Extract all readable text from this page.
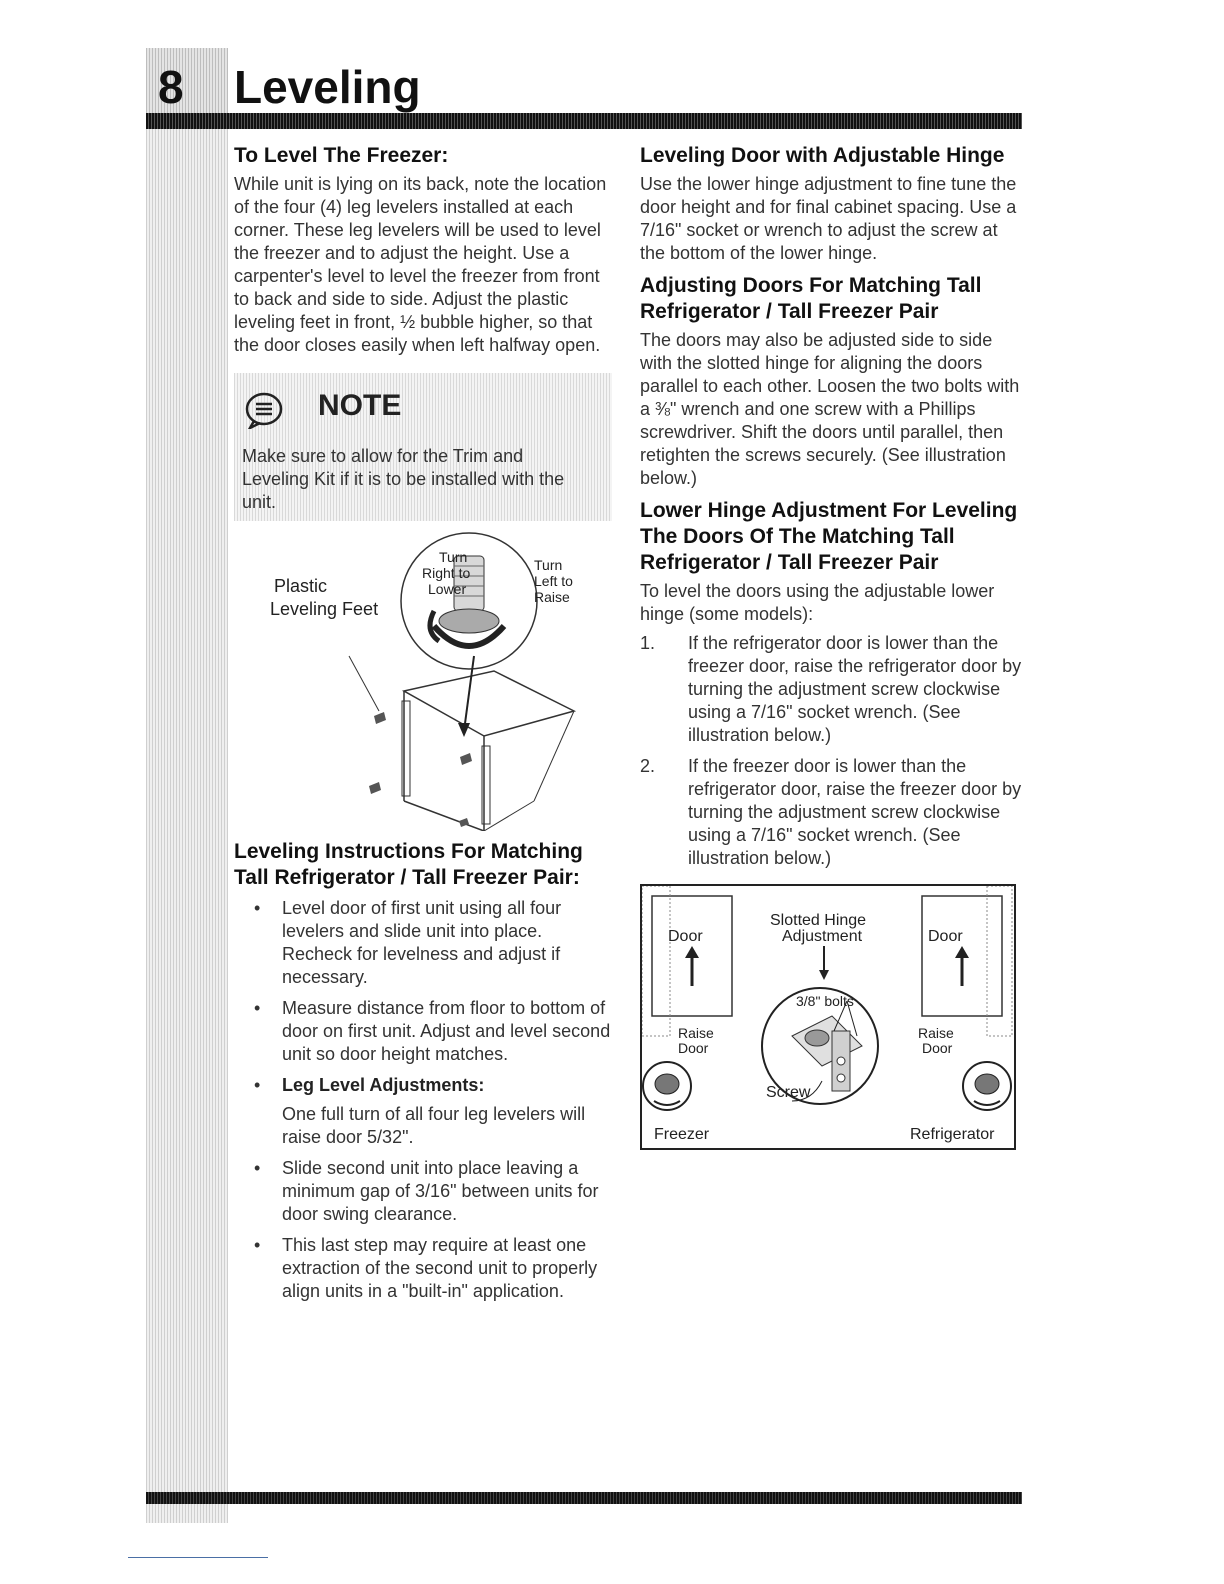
8 Leveling
To Level The Freezer:

While unit is lying on its back, note the location of the four (4) leg levelers installed at each corner. These leg levelers will be used to level the freezer and to adjust the height. Use a carpenter's level to level the freezer from front to back and side to side. Adjust the plastic leveling feet in front, ½ bubble higher, so that the door closes easily when left halfway open.

NOTE
Make sure to allow for the Trim and Leveling Kit if it is to be installed with the unit.
Plastic
Leveling Feet
Turn
Right to
Lower
Turn
Left to
Raise
Leveling Instructions For Matching Tall Refrigerator / Tall Freezer Pair:
• Level door of first unit using all four levelers and slide unit into place. Recheck for levelness and adjust if necessary.
• Measure distance from floor to bottom of door on first unit. Adjust and level second unit so door height matches.
• Leg Level Adjustments:
One full turn of all four leg levelers will raise door 5/32".
• Slide second unit into place leaving a minimum gap of 3/16" between units for door swing clearance.
• This last step may require at least one extraction of the second unit to properly align units in a "built-in" application.
Leveling Door with Adjustable Hinge

Use the lower hinge adjustment to fine tune the door height and for final cabinet spacing. Use a 7/16" socket or wrench to adjust the screw at the bottom of the lower hinge.

Adjusting Doors For Matching Tall Refrigerator / Tall Freezer Pair

The doors may also be adjusted side to side with the slotted hinge for aligning the doors parallel to each other. Loosen the two bolts with a ⅜" wrench and one screw with a Phillips screwdriver. Shift the doors until parallel, then retighten the screws securely. (See illustration below.)

Lower Hinge Adjustment For Leveling The Doors Of The Matching Tall Refrigerator / Tall Freezer Pair

To level the doors using the adjustable lower hinge (some models):

1. If the refrigerator door is lower than the freezer door, raise the refrigerator door by turning the adjustment screw clockwise using a 7/16" socket wrench. (See illustration below.)
2. If the freezer door is lower than the refrigerator door, raise the freezer door by turning the adjustment screw clockwise using a 7/16" socket wrench. (See illustration below.)
Door	Door
Slotted Hinge
Adjustment
3/8" bolts
Raise
Door
Raise
Door
Screw
Freezer	Refrigerator
